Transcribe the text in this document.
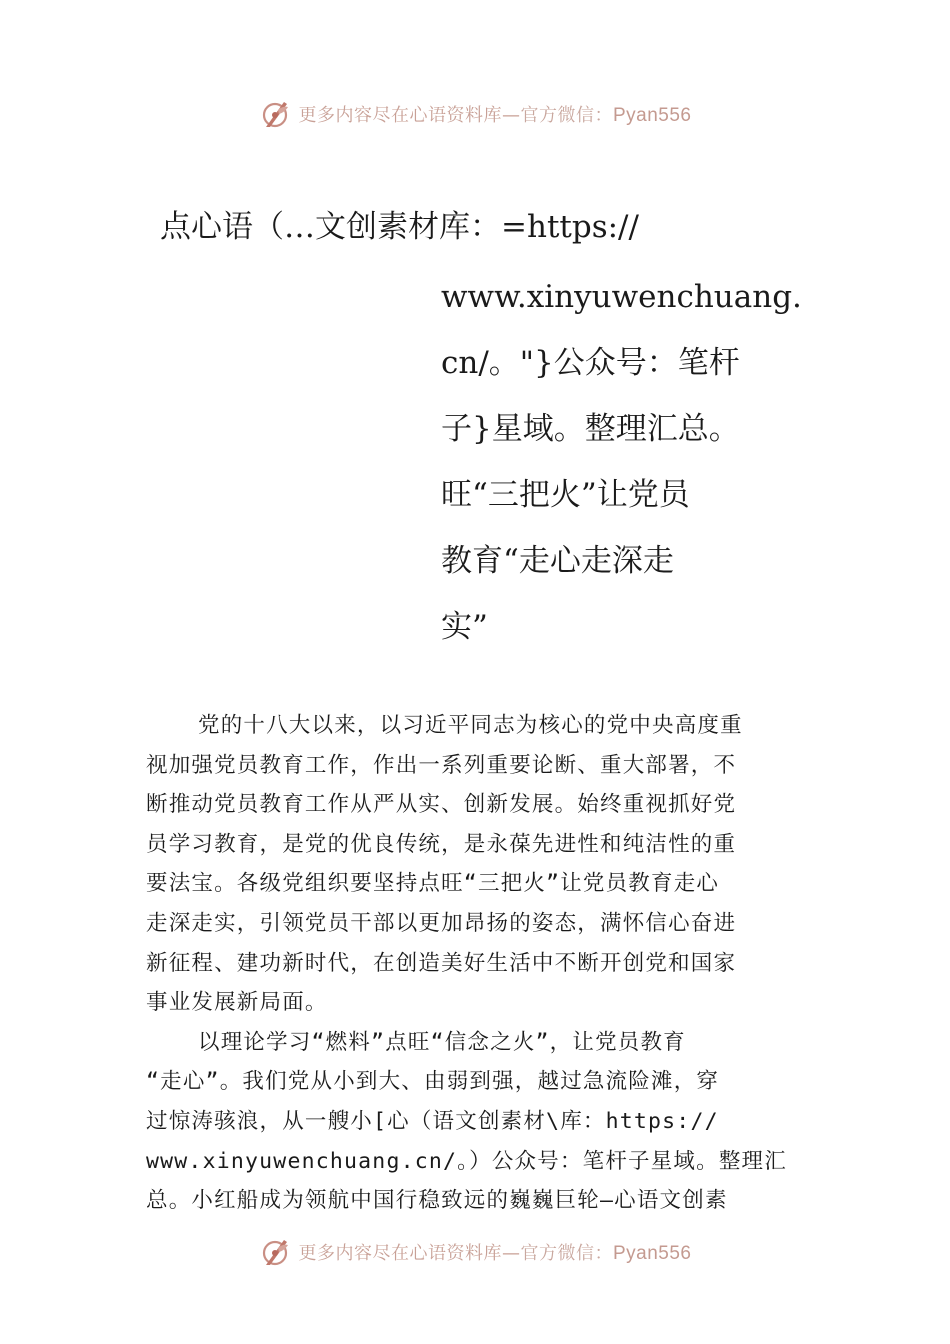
更多内容尽在心语资料库—官方微信：Pyan556
点心语（…文创素材库：=https://
www.xinyuwenchuang.
cn/。"}公众号：笔杆
子}星域。整理汇总。
旺“三把火”让党员
教育“走心走深走
实”
党的十八大以来，以习近平同志为核心的党中央高度重
视加强党员教育工作，作出一系列重要论断、重大部署，不
断推动党员教育工作从严从实、创新发展。始终重视抓好党
员学习教育，是党的优良传统，是永葆先进性和纯洁性的重
要法宝。各级党组织要坚持点旺“三把火”让党员教育走心
走深走实，引领党员干部以更加昂扬的姿态，满怀信心奋进
新征程、建功新时代，在创造美好生活中不断开创党和国家
事业发展新局面。
以理论学习“燃料”点旺“信念之火”，让党员教育
“走心”。我们党从小到大、由弱到强，越过急流险滩，穿
过惊涛骇浪，从一艘小[心（语文创素材\库：https://
www.xinyuwenchuang.cn/。）公众号：笔杆子星域。整理汇
总。小红船成为领航中国行稳致远的巍巍巨轮—心语文创素
更多内容尽在心语资料库—官方微信：Pyan556
